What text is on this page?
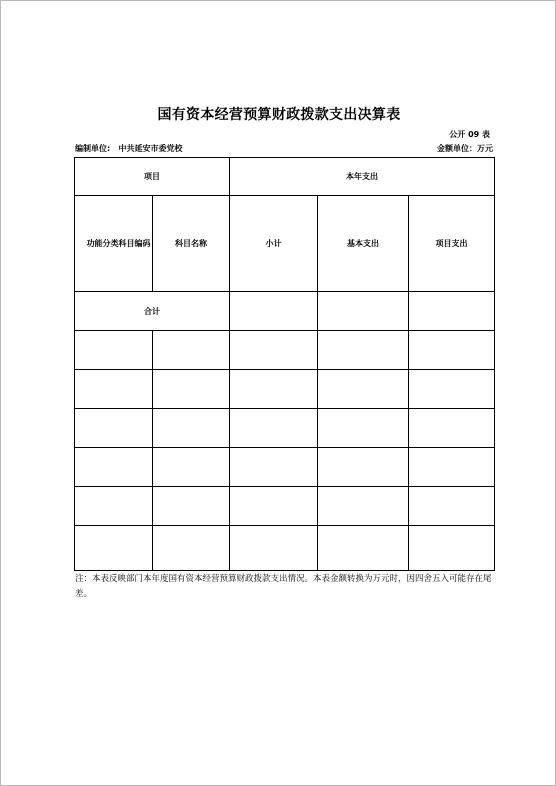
国有资本经营预算财政拨款支出决算表
公开 09 表
编制单位:   中共延安市委党校	金额单位：万元
项目		本年支出		
功能分类科目编码	科目名称	小计	基本支出	项目支出
合计				

注：本表反映部门本年度国有资本经营预算财政拨款支出情况。本表金额转换为万元时，因四舍五入可能存在尾差。
